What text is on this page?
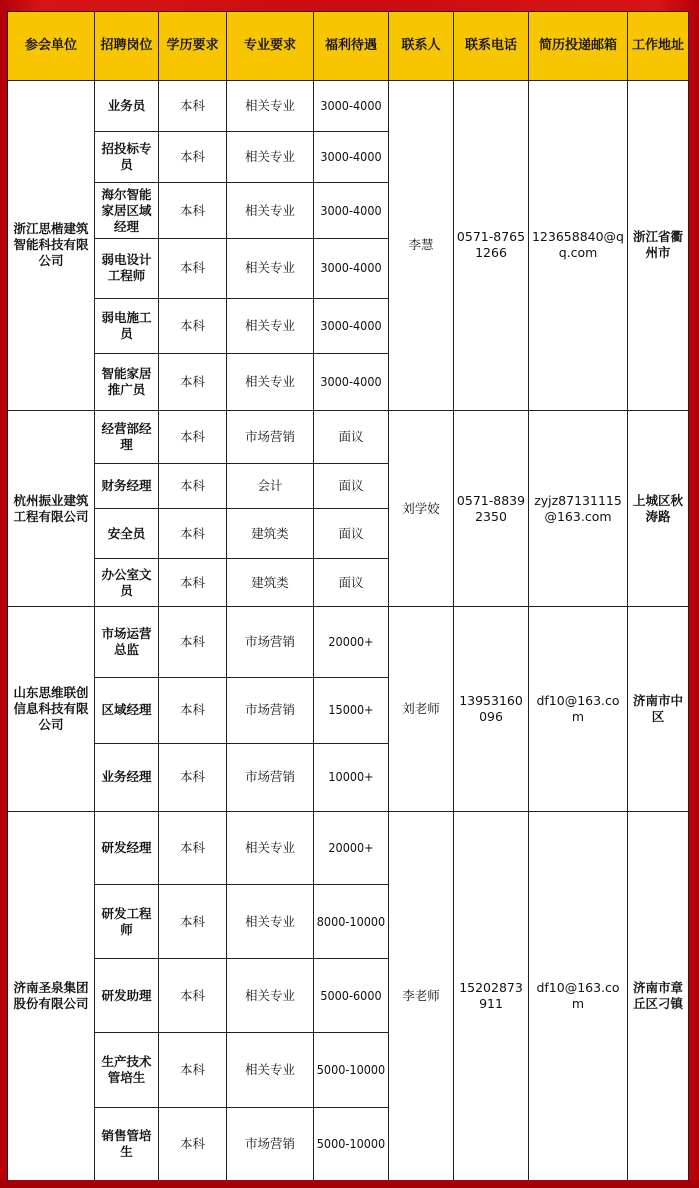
参会单位	招聘岗位	学历要求	专业要求	福利待遇	联系人	联系电话	简历投递邮箱	工作地址
浙江思楷建筑智能科技有限公司	业务员	本科	相关专业	3000-4000	李慧	0571-87651266	123658840@qq.com	浙江省衢州市
	招投标专员	本科	相关专业	3000-4000				
	海尔智能家居区域经理	本科	相关专业	3000-4000				
	弱电设计工程师	本科	相关专业	3000-4000				
	弱电施工员	本科	相关专业	3000-4000				
	智能家居推广员	本科	相关专业	3000-4000				
杭州振业建筑工程有限公司	经营部经理	本科	市场营销	面议	刘学姣	0571-88392350	zyjz87131115@163.com	上城区秋涛路
	财务经理	本科	会计	面议				
	安全员	本科	建筑类	面议				
	办公室文员	本科	建筑类	面议				
山东思维联创信息科技有限公司	市场运营总监	本科	市场营销	20000+	刘老师	13953160096	df10@163.com	济南市中区
	区域经理	本科	市场营销	15000+				
	业务经理	本科	市场营销	10000+				
济南圣泉集团股份有限公司	研发经理	本科	相关专业	20000+	李老师	15202873911	df10@163.com	济南市章丘区刁镇
	研发工程师	本科	相关专业	8000-10000				
	研发助理	本科	相关专业	5000-6000				
	生产技术管培生	本科	相关专业	5000-10000				
	销售管培生	本科	市场营销	5000-10000				
